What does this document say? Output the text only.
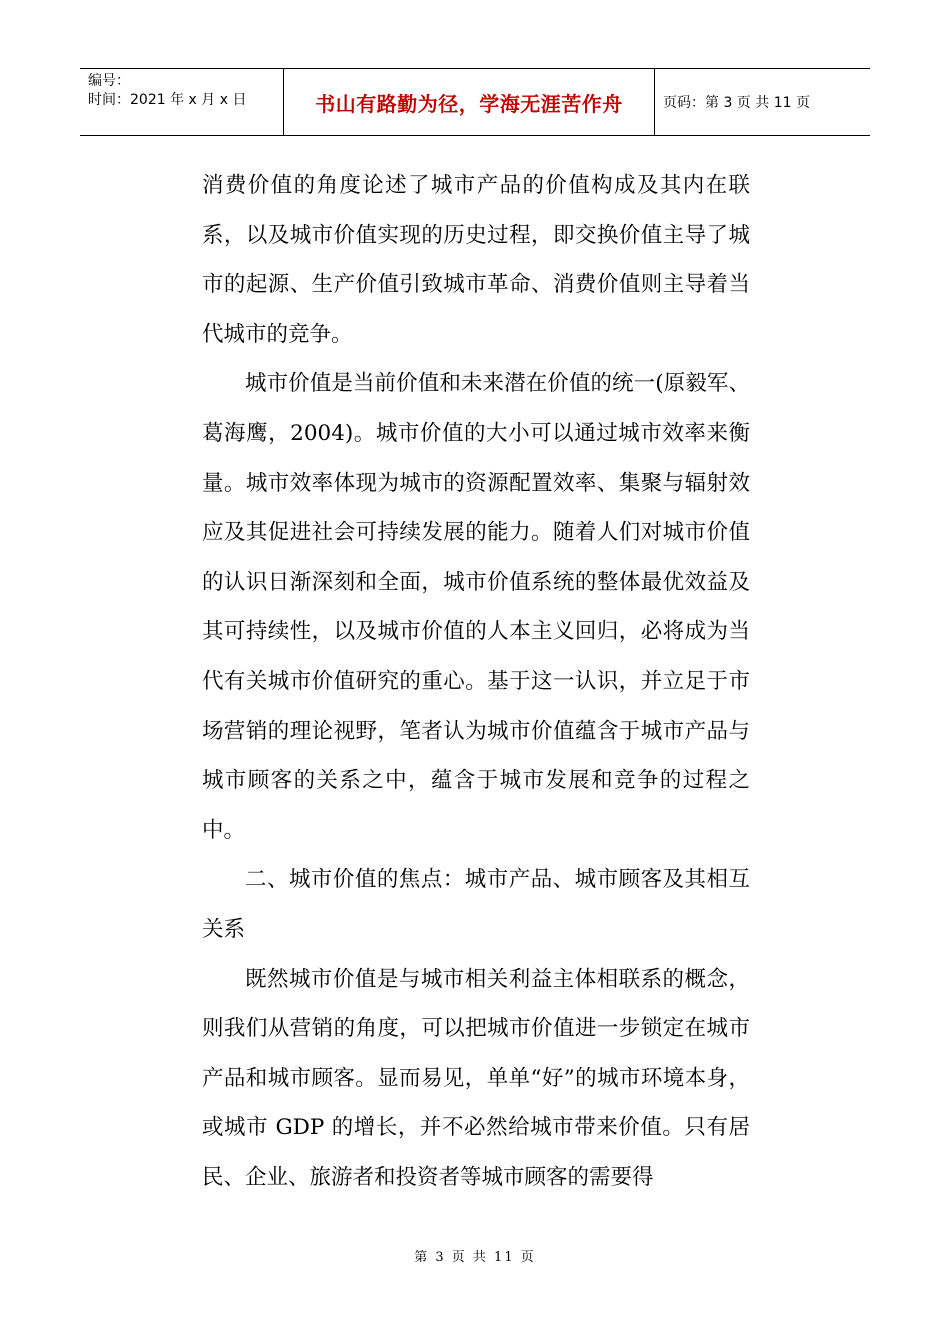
编号：
时间：2021 年 x 月 x 日	书山有路勤为径，学海无涯苦作舟	页码：第 3 页 共 11 页

消费价值的角度论述了城市产品的价值构成及其内在联系，以及城市价值实现的历史过程，即交换价值主导了城市的起源、生产价值引致城市革命、消费价值则主导着当代城市的竞争。

城市价值是当前价值和未来潜在价值的统一(原毅军、葛海鹰，2004)。城市价值的大小可以通过城市效率来衡量。城市效率体现为城市的资源配置效率、集聚与辐射效应及其促进社会可持续发展的能力。随着人们对城市价值的认识日渐深刻和全面，城市价值系统的整体最优效益及其可持续性，以及城市价值的人本主义回归，必将成为当代有关城市价值研究的重心。基于这一认识，并立足于市场营销的理论视野，笔者认为城市价值蕴含于城市产品与城市顾客的关系之中，蕴含于城市发展和竞争的过程之中。

二、城市价值的焦点：城市产品、城市顾客及其相互关系

既然城市价值是与城市相关利益主体相联系的概念，则我们从营销的角度，可以把城市价值进一步锁定在城市产品和城市顾客。显而易见，单单“好”的城市环境本身，或城市 GDP 的增长，并不必然给城市带来价值。只有居民、企业、旅游者和投资者等城市顾客的需要得

第 3 页 共 11 页
